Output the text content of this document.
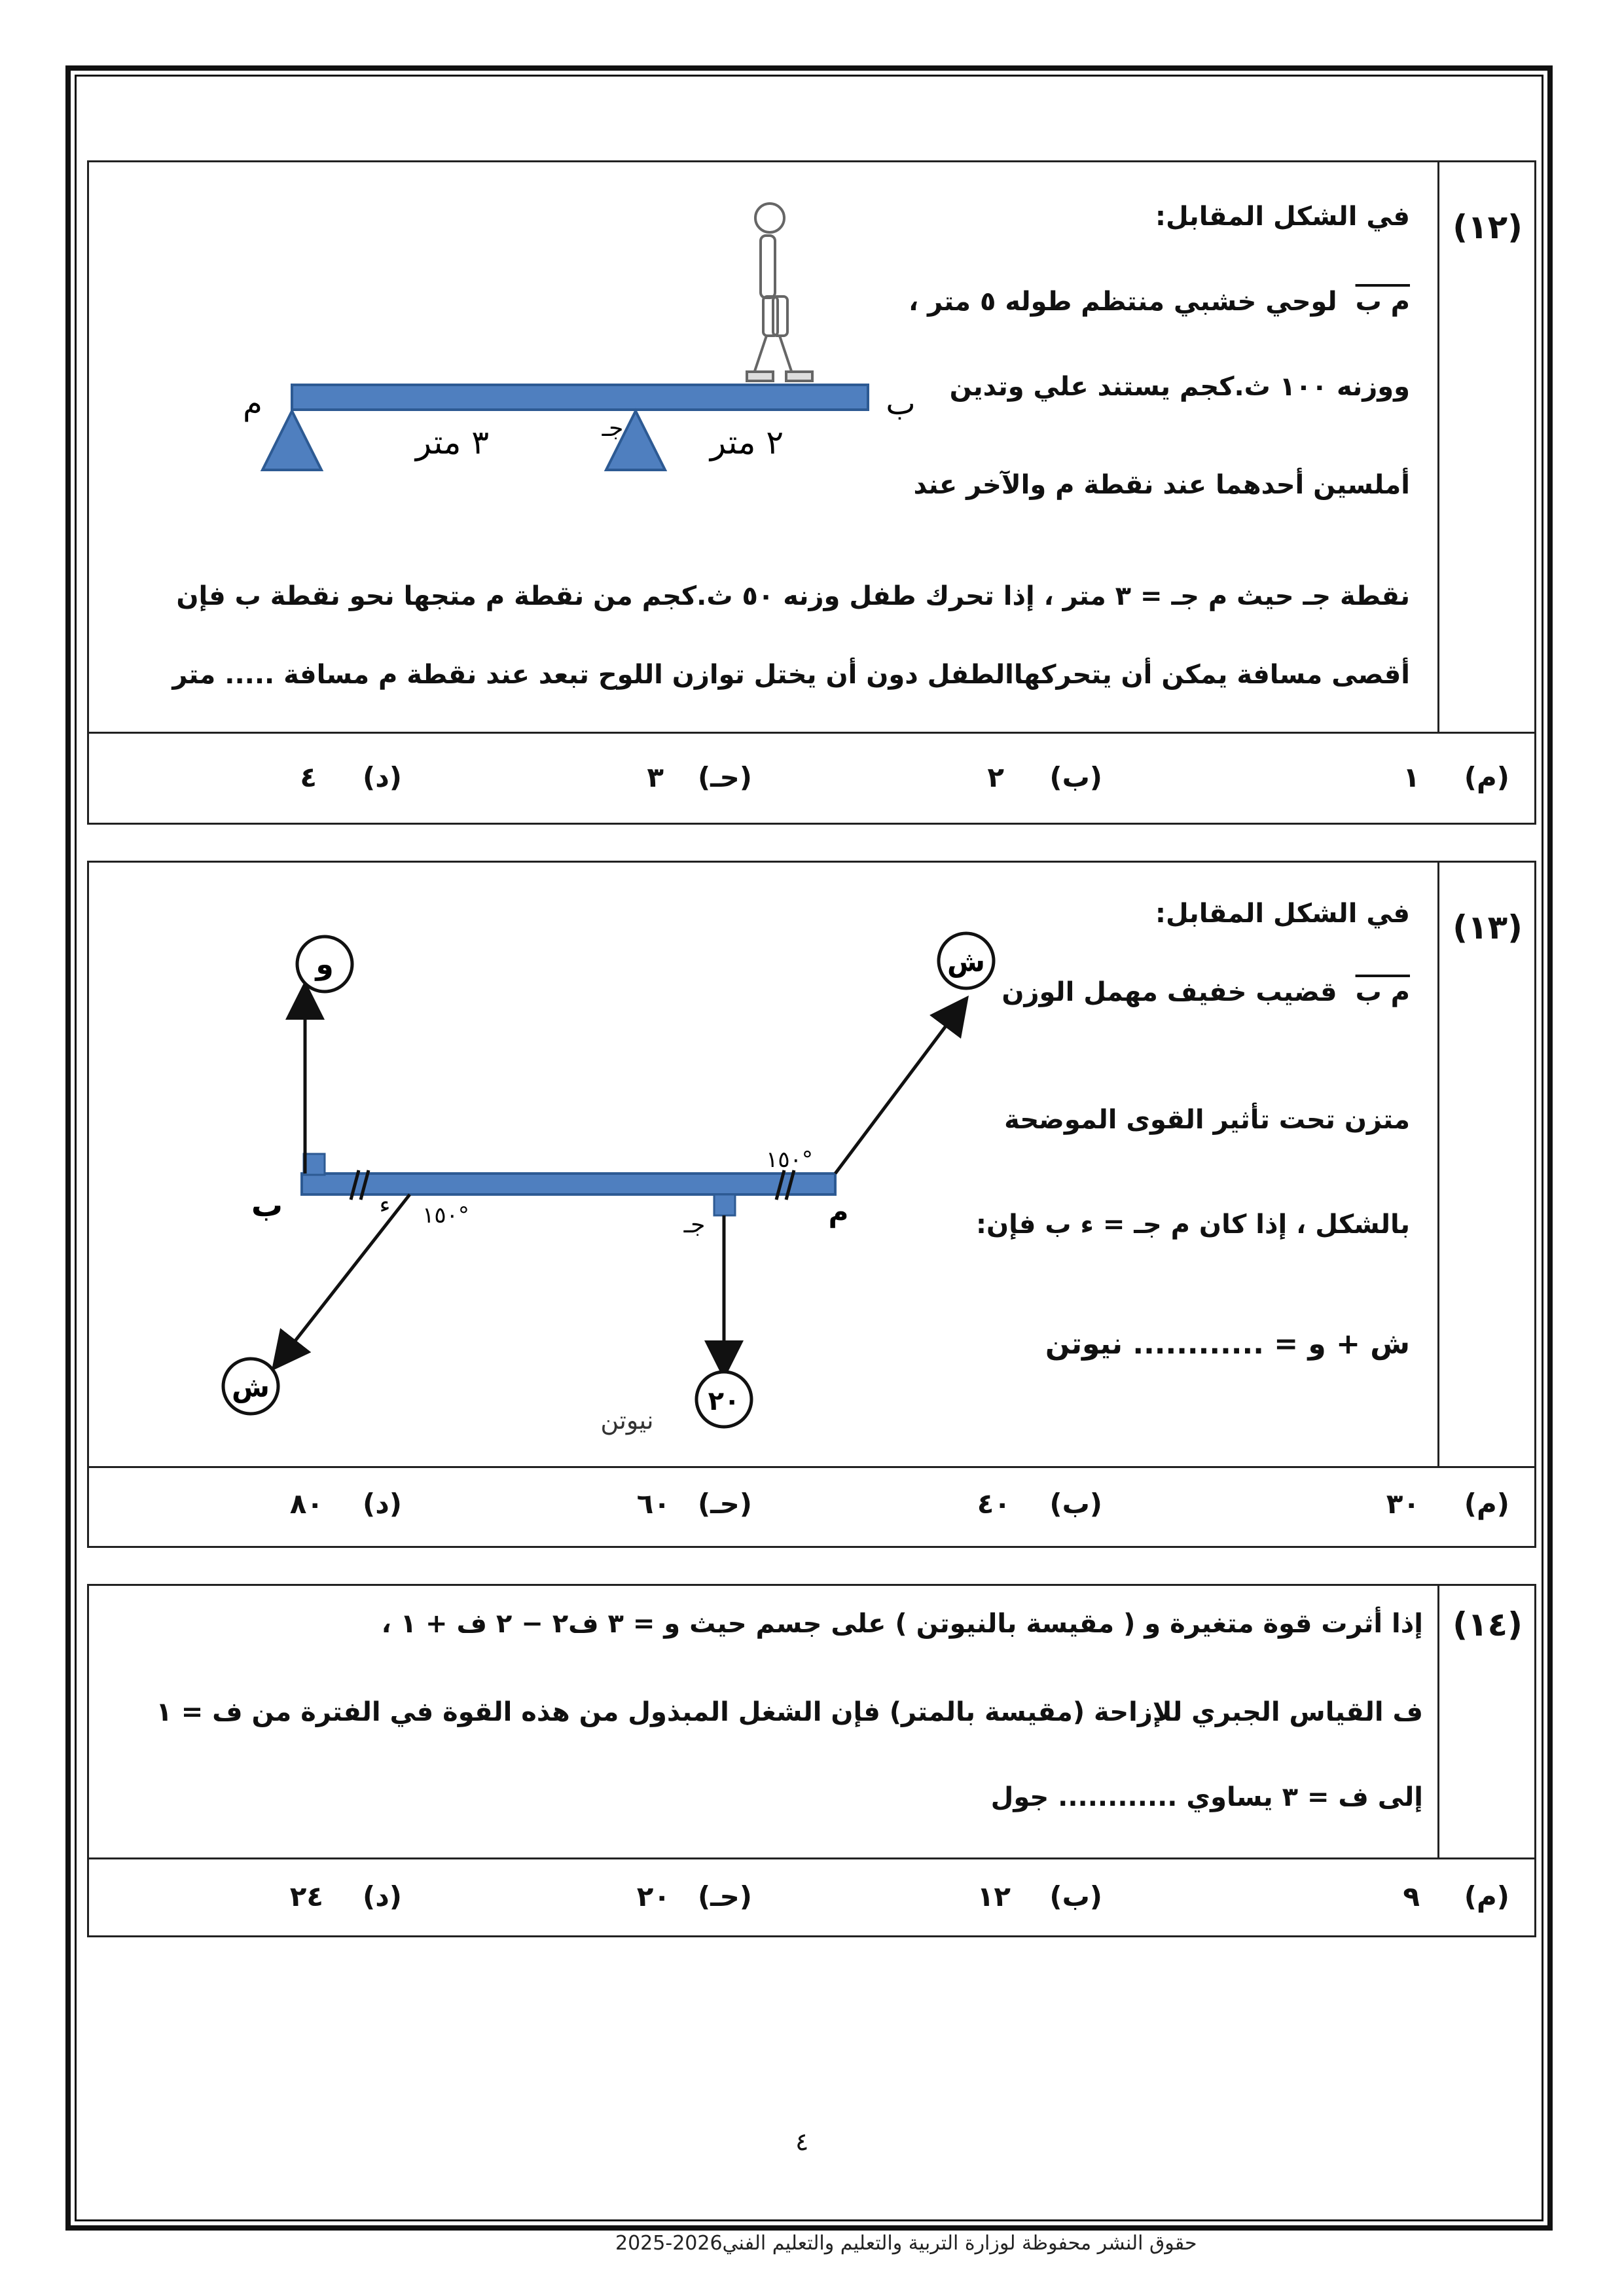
(١٢)
في الشكل المقابل:
ﻡ ب لوحي خشبي منتظم طوله ٥ متر ،
ووزنه ١٠٠ ث.كجم يستند علي وتدين
أملسين أحدهما عند نقطة ﻡ والآخر عند
نقطة جـ حيث ﻡ جـ = ٣ متر ، إذا تحرك طفل وزنه ٥٠ ث.كجم من نقطة ﻡ متجها نحو نقطة ب فإن
أقصى مسافة يمكن أن يتحركهاالطفل دون أن يختل توازن اللوح تبعد عند نقطة ﻡ مسافة ..... متر
ﻡ	ب
جـ
٣ متر	٢ متر
(ﻡ)
١
(ب)
٢
(حـ)
٣
(د)
٤
(١٣)
في الشكل المقابل:
ﻡ ب قضيب خفيف مهمل الوزن
متزن تحت تأثير القوى الموضحة
بالشكل ، إذا كان ﻡ جـ = ء ب فإن:
ﺵ + ﻭ = ............ نيوتن
ﻭ	ﺵ
ﺵ	٢٠
نيوتن
ب	ﻡ
جـ
ء
١٥٠°
١٥٠°
(ﻡ)
٣٠
(ب)
٤٠
(حـ)
٦٠
(د)
٨٠
(١٤)
إذا أثرت قوة متغيرة ﻭ ( مقيسة بالنيوتن ) على جسم حيث ﻭ = ٣ ف٢ − ٢ ف + ١ ،
ف القياس الجبري للإزاحة (مقيسة بالمتر) فإن الشغل المبذول من هذه القوة في الفترة من ف = ١
إلى ف = ٣ يساوي ............ جول
(ﻡ)
٩
(ب)
١٢
(حـ)
٢٠
(د)
٢٤
٤
حقوق النشر محفوظة لوزارة التربية والتعليم والتعليم الفني2026-2025
